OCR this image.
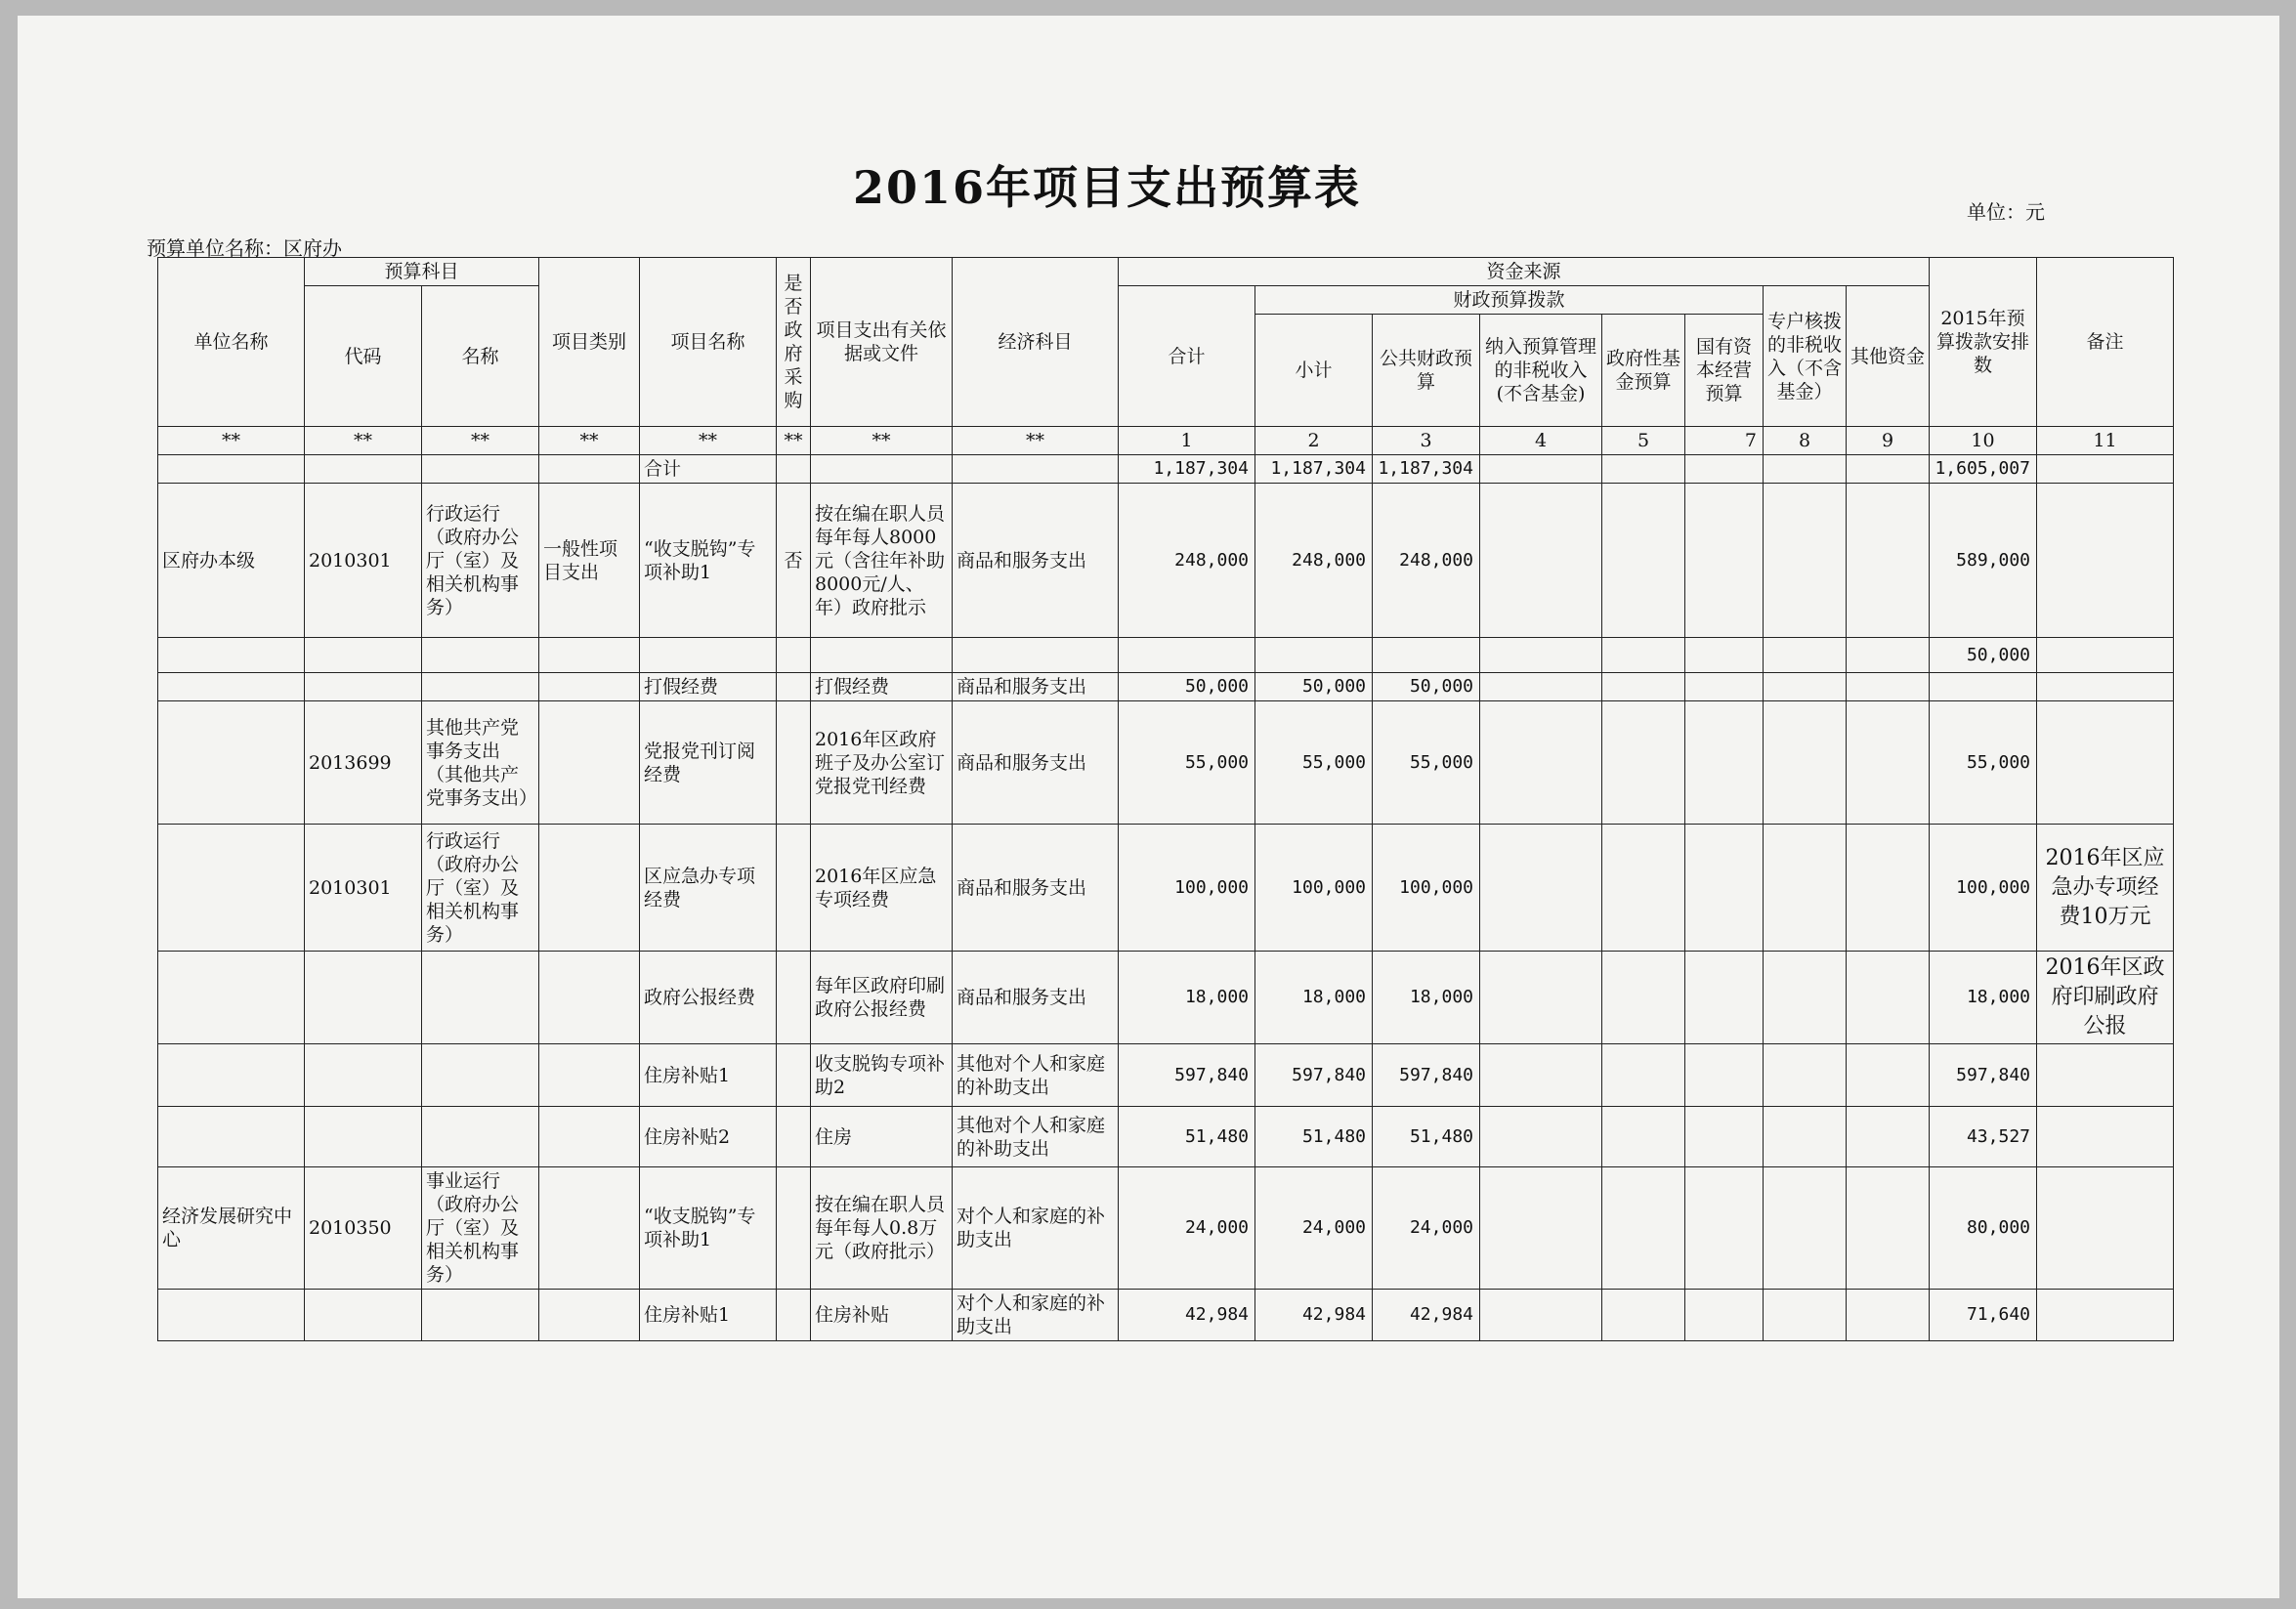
2016年项目支出预算表	单位：元
预算单位名称：区府办
单位名称	预算科目		项目类别	项目名称	是否政府采购	项目支出有关依据或文件	经济科目	资金来源								2015年预算拨款安排数	备注
	代码	名称						合计	财政预算拨款					专户核拨的非税收入（不含基金）	其他资金		
									小计	公共财政预算	纳入预算管理的非税收入(不含基金)	政府性基金预算	国有资本经营预算				
**	**	**	**	**	**	**	**	1	2	3	4	5	7	8	9	10	11
				合计				1,187,304	1,187,304	1,187,304						1,605,007	
区府办本级	2010301	行政运行（政府办公厅（室）及相关机构事务）	一般性项目支出	“收支脱钩”专项补助1	否	按在编在职人员每年每人8000元（含往年补助8000元/人、年）政府批示	商品和服务支出	248,000	248,000	248,000						589,000	
																50,000	
				打假经费		打假经费	商品和服务支出	50,000	50,000	50,000							
	2013699	其他共产党事务支出（其他共产党事务支出）		党报党刊订阅经费		2016年区政府班子及办公室订党报党刊经费	商品和服务支出	55,000	55,000	55,000						55,000	
	2010301	行政运行（政府办公厅（室）及相关机构事务）		区应急办专项经费		2016年区应急专项经费	商品和服务支出	100,000	100,000	100,000						100,000	2016年区应急办专项经费10万元
				政府公报经费		每年区政府印刷政府公报经费	商品和服务支出	18,000	18,000	18,000						18,000	2016年区政府印刷政府公报
				住房补贴1		收支脱钩专项补助2	其他对个人和家庭的补助支出	597,840	597,840	597,840						597,840	
				住房补贴2		住房	其他对个人和家庭的补助支出	51,480	51,480	51,480						43,527	
经济发展研究中心	2010350	事业运行（政府办公厅（室）及相关机构事务）		“收支脱钩”专项补助1		按在编在职人员每年每人0.8万元（政府批示）	对个人和家庭的补助支出	24,000	24,000	24,000						80,000	
				住房补贴1		住房补贴	对个人和家庭的补助支出	42,984	42,984	42,984						71,640	
